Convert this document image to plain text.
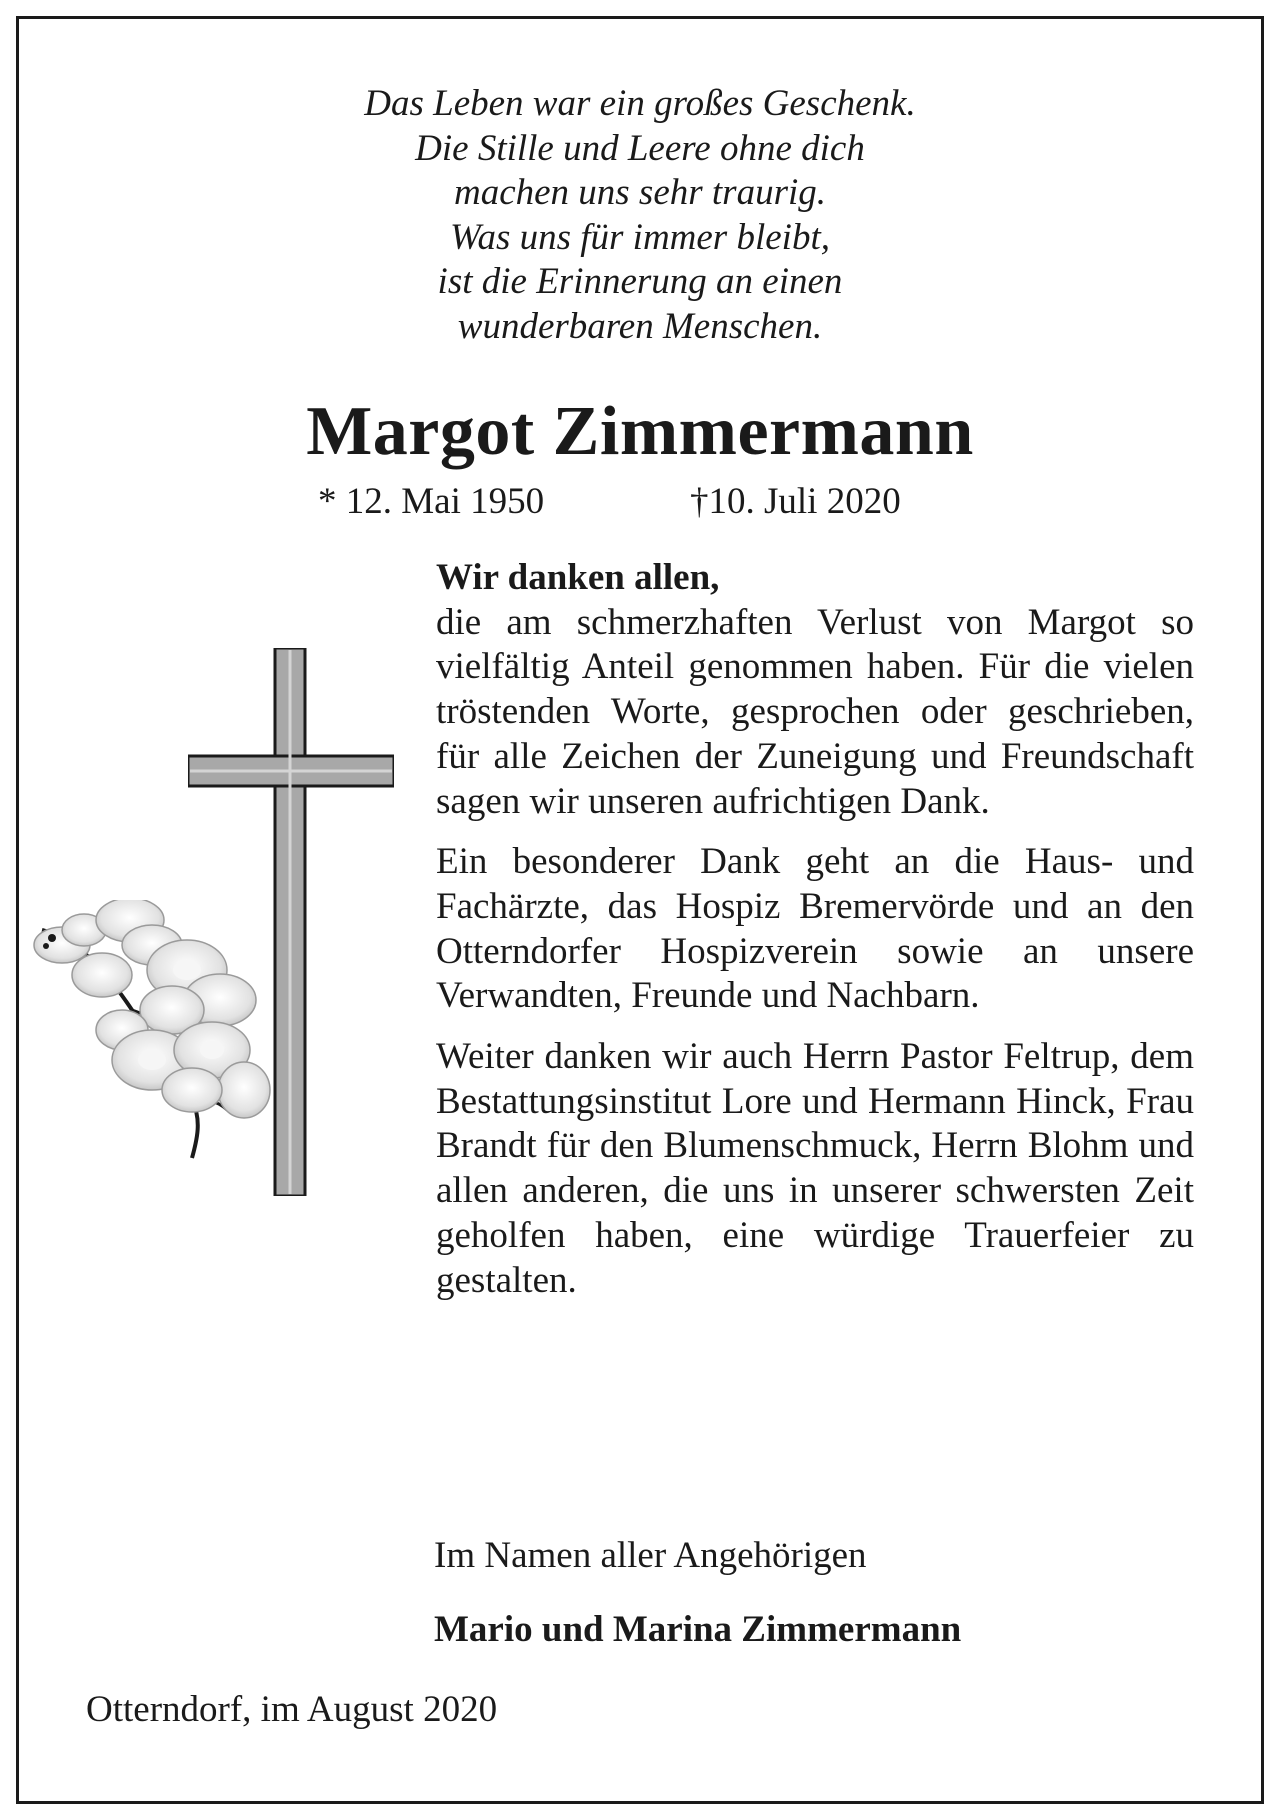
Das Leben war ein großes Geschenk.
Die Stille und Leere ohne dich
machen uns sehr traurig.
Was uns für immer bleibt,
ist die Erinnerung an einen
wunderbaren Menschen.
Margot Zimmermann
* 12. Mai 1950	†10. Juli 2020

Wir danken allen,

die am schmerzhaften Verlust von Margot so vielfältig Anteil genommen haben. Für die vielen tröstenden Worte, gesprochen oder geschrieben, für alle Zeichen der Zuneigung und Freundschaft sagen wir unseren aufrichtigen Dank.

Ein besonderer Dank geht an die Haus- und Fachärzte, das Hospiz Bremervörde und an den Otterndorfer Hospizverein sowie an unsere Verwandten, Freunde und Nachbarn.

Weiter danken wir auch Herrn Pastor Feltrup, dem Bestattungsinstitut Lore und Hermann Hinck, Frau Brandt für den Blumenschmuck, Herrn Blohm und allen anderen, die uns in unserer schwersten Zeit geholfen haben, eine würdige Trauerfeier zu gestalten.

Im Namen aller Angehörigen
Mario und Marina Zimmermann
Otterndorf, im August 2020
